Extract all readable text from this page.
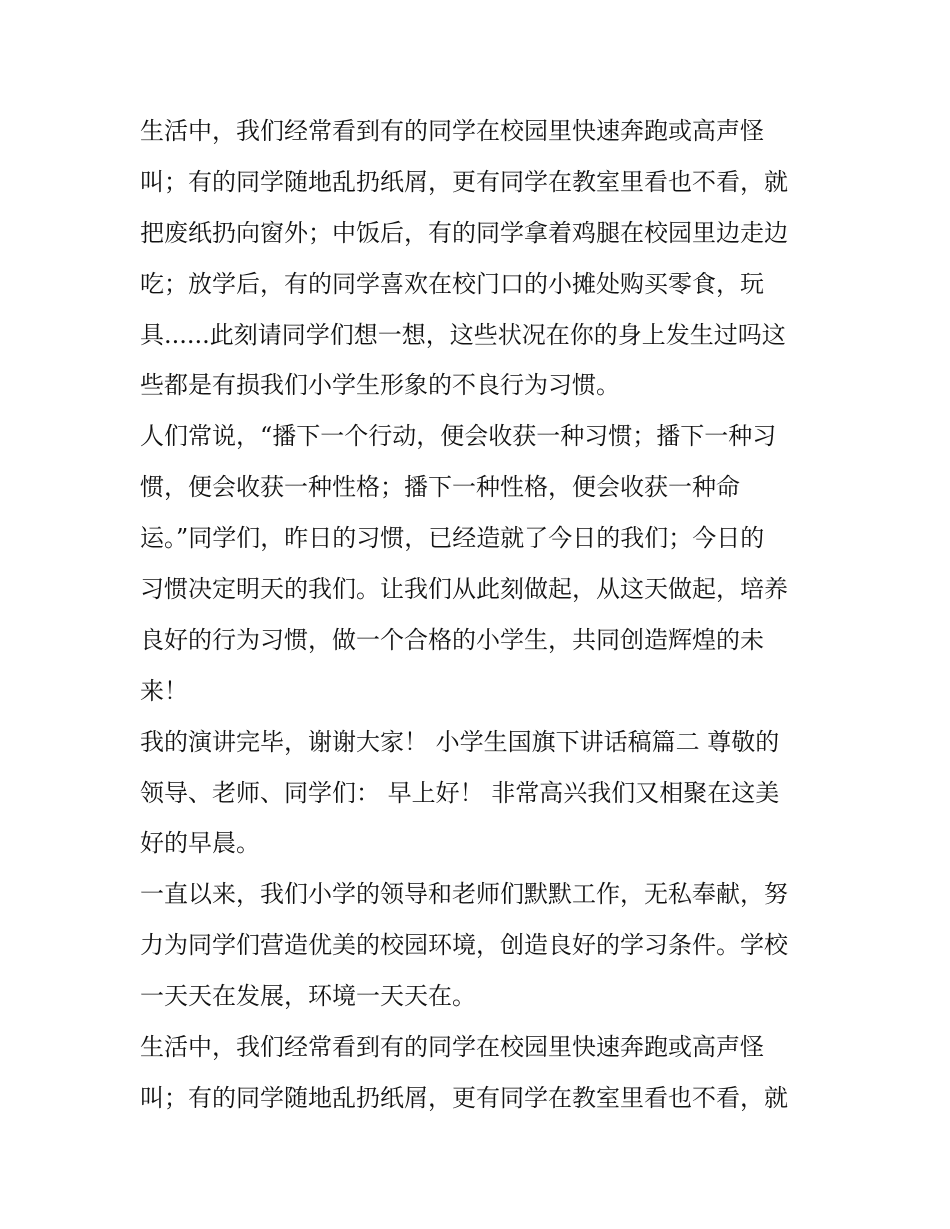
生活中，我们经常看到有的同学在校园里快速奔跑或高声怪
叫；有的同学随地乱扔纸屑，更有同学在教室里看也不看，就
把废纸扔向窗外；中饭后，有的同学拿着鸡腿在校园里边走边
吃；放学后，有的同学喜欢在校门口的小摊处购买零食，玩
具......此刻请同学们想一想，这些状况在你的身上发生过吗这
些都是有损我们小学生形象的不良行为习惯。
人们常说，“播下一个行动，便会收获一种习惯；播下一种习
惯，便会收获一种性格；播下一种性格，便会收获一种命
运。”同学们，昨日的习惯，已经造就了今日的我们；今日的
习惯决定明天的我们。让我们从此刻做起，从这天做起，培养
良好的行为习惯，做一个合格的小学生，共同创造辉煌的未
来！
我的演讲完毕，谢谢大家！ 小学生国旗下讲话稿篇二 尊敬的
领导、老师、同学们： 早上好！ 非常高兴我们又相聚在这美
好的早晨。
一直以来，我们小学的领导和老师们默默工作，无私奉献，努
力为同学们营造优美的校园环境，创造良好的学习条件。学校
一天天在发展，环境一天天在。
生活中，我们经常看到有的同学在校园里快速奔跑或高声怪
叫；有的同学随地乱扔纸屑，更有同学在教室里看也不看，就
